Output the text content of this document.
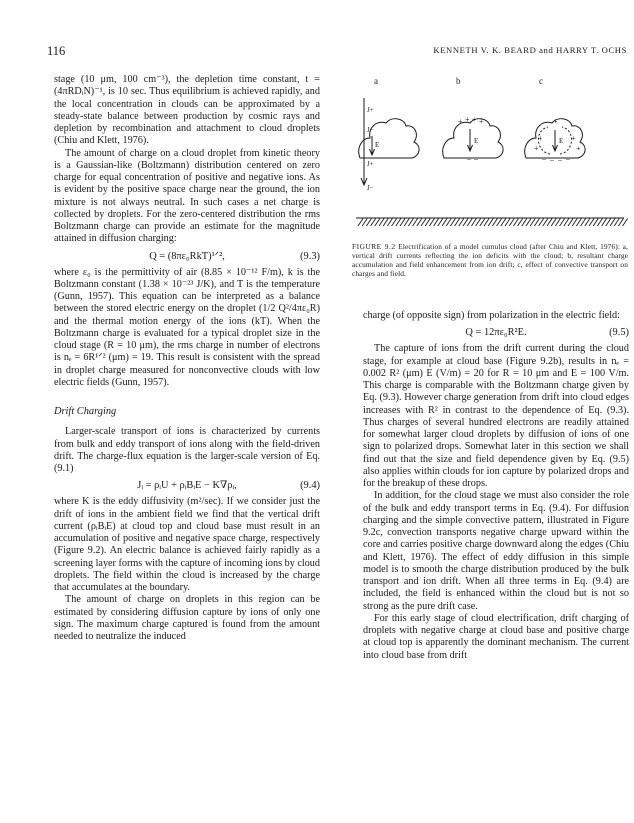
116	KENNETH V. K. BEARD and HARRY T. OCHS

stage (10 μm, 100 cm⁻³), the depletion time constant, t = (4πRDᵢN)⁻¹, is 10 sec. Thus equilibrium is achieved rapidly, and the local concentration in clouds can be approximated by a steady-state balance between production by cosmic rays and depletion by recombination and attachment to cloud droplets (Chiu and Klett, 1976).

The amount of charge on a cloud droplet from kinetic theory is a Gaussian-like (Boltzmann) distribution centered on zero charge for equal concentration of positive and negative ions. As is evident by the positive space charge near the ground, the ion mixture is not always neutral. In such cases a net charge is collected by droplets. For the zero-centered distribution the rms Boltzmann charge can provide an estimate for the magnitude attained in diffusion charging:

Q = (8πε₀RkT)¹ᐟ²,	(9.3)

where ε₀ is the permittivity of air (8.85 × 10⁻¹² F/m), k is the Boltzmann constant (1.38 × 10⁻²³ J/K), and T is the temperature (Gunn, 1957). This equation can be interpreted as a balance between the stored electric energy on the droplet (1/2 Q²/4πε₀R) and the thermal motion energy of the ions (kT). When the Boltzmann charge is evaluated for a typical droplet size in the cloud stage (R = 10 μm), the rms charge in number of electrons is nₑ = 6R¹ᐟ² (μm) = 19. This result is consistent with the spread in droplet charge measured for nonconvective clouds with low electric fields (Gunn, 1957).

Drift Charging

Larger-scale transport of ions is characterized by currents from bulk and eddy transport of ions along with the field-driven drift. The charge-flux equation is the larger-scale version of Eq. (9.1)

Jᵢ = ρᵢU + ρᵢBᵢE − K∇ρᵢ,	(9.4)

where K is the eddy diffusivity (m²/sec). If we consider just the drift of ions in the ambient field we find that the vertical drift current (ρᵢBᵢE) at cloud top and cloud base must result in an accumulation of positive and negative space charge, respectively (Figure 9.2). An electric balance is achieved fairly rapidly as a screening layer forms with the capture of incoming ions by cloud droplets. The field within the cloud is increased by the charge that accumulates at the boundary.

The amount of charge on droplets in this region can be estimated by considering diffusion capture by ions of only one sign. The maximum charge captured is found from the amount needed to neutralize the induced

a	b	c
J+
J−
E
J+
J−
+ + + +
E
– – – –
+
+	+
+	+
E
– – – –
FIGURE 9.2 Electrification of a model cumulus cloud (after Chiu and Klett, 1976): a, vertical drift currents reflecting the ion deficits with the cloud; b, resultant charge accumulation and field enhancement from ion drift; c, effect of convective transport on charges and field.

charge (of opposite sign) from polarization in the electric field:

Q = 12πε₀R²E.	(9.5)

The capture of ions from the drift current during the cloud stage, for example at cloud base (Figure 9.2b), results in nₑ = 0.002 R² (μm) E (V/m) = 20 for R = 10 μm and E = 100 V/m. This charge is comparable with the Boltzmann charge given by Eq. (9.3). However charge generation from drift into cloud edges increases with R² in contrast to the dependence of Eq. (9.3). Thus charges of several hundred electrons are readily attained for somewhat larger cloud droplets by diffusion of ions of one sign to polarized drops. Somewhat later in this section we shall find out that the size and field dependence given by Eq. (9.5) also applies within clouds for ion capture by polarized drops and for the breakup of these drops.

In addition, for the cloud stage we must also consider the role of the bulk and eddy transport terms in Eq. (9.4). For diffusion charging and the simple convective pattern, illustrated in Figure 9.2c, convection transports negative charge upward within the core and carries positive charge downward along the edges (Chiu and Klett, 1976). The effect of eddy diffusion in this simple model is to smooth the charge distribution produced by the bulk transport and ion drift. When all three terms in Eq. (9.4) are included, the field is enhanced within the cloud but is not so strong as the pure drift case.

For this early stage of cloud electrification, drift charging of droplets with negative charge at cloud base and positive charge at cloud top is apparently the dominant mechanism. The current into cloud base from drift
